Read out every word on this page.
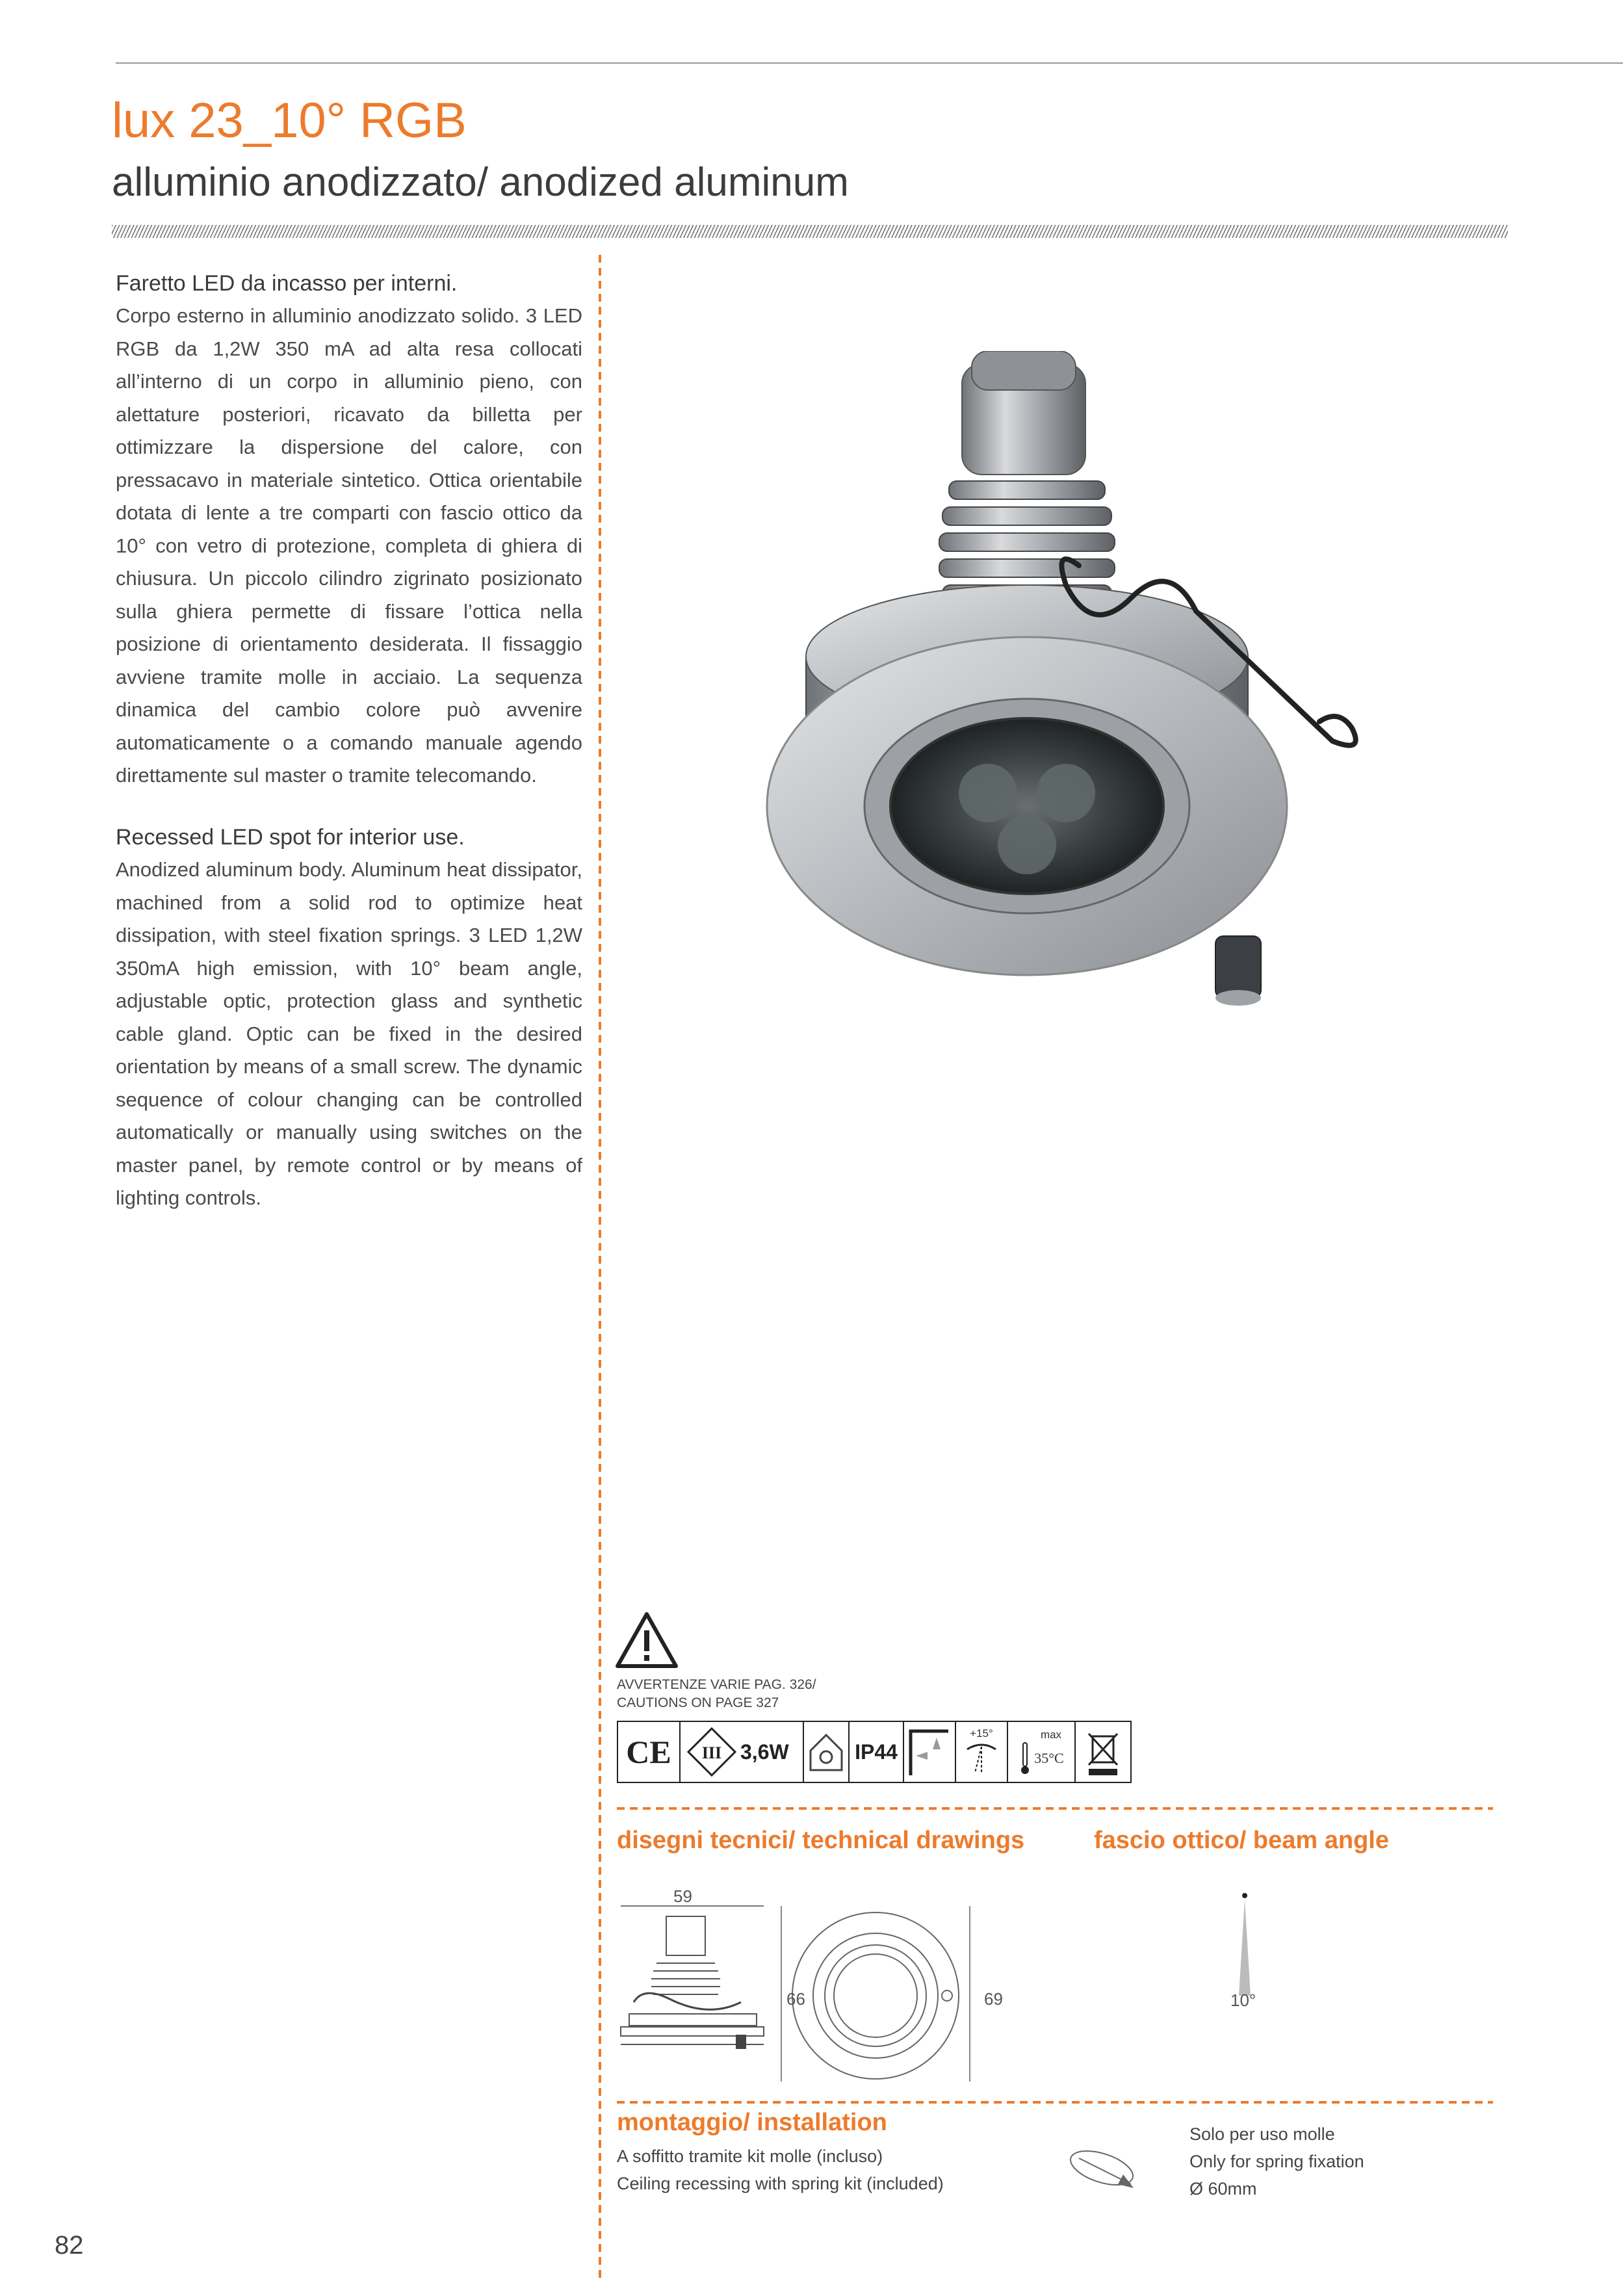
lux 23_10° RGB
alluminio anodizzato/ anodized aluminum
Faretto LED da incasso per interni.
Corpo esterno in alluminio anodizzato solido. 3 LED RGB da 1,2W 350 mA ad alta resa collocati all’interno di un corpo in alluminio pieno, con alettature posteriori, ricavato da billetta per ottimizzare la dispersione del calore, con pressacavo in materiale sintetico. Ottica orientabile dotata di lente a tre comparti con fascio ottico da 10° con vetro di protezione, completa di ghiera di chiusura. Un piccolo cilindro zigrinato posizionato sulla ghiera permette di fissare l’ottica nella posizione di orientamento desiderata. Il fissaggio avviene tramite molle in acciaio. La sequenza dinamica del cambio colore può avvenire automaticamente o a comando manuale agendo direttamente sul master o tramite telecomando.
Recessed LED spot for interior use.
Anodized aluminum body. Aluminum heat dissipator, machined from a solid rod to optimize heat dissipation, with steel fixation springs. 3 LED 1,2W 350mA high emission, with 10° beam angle, adjustable optic, protection glass and synthetic cable gland. Optic can be fixed in the desired orientation by means of a small screw. The dynamic sequence of colour changing can be controlled automatically or manually using switches on the master panel, by remote control or by means of lighting controls.
AVVERTENZE VARIE PAG. 326/
CAUTIONS ON PAGE 327
CE III 3,6W	IP44
+15°	max
35°C
disegni tecnici/ technical drawings	fascio ottico/ beam angle
59
66	69	10°
montaggio/ installation
A soffitto tramite kit molle (incluso)
Ceiling recessing with spring kit (included)
Solo per uso molle
Only for spring fixation
Ø 60mm
82
